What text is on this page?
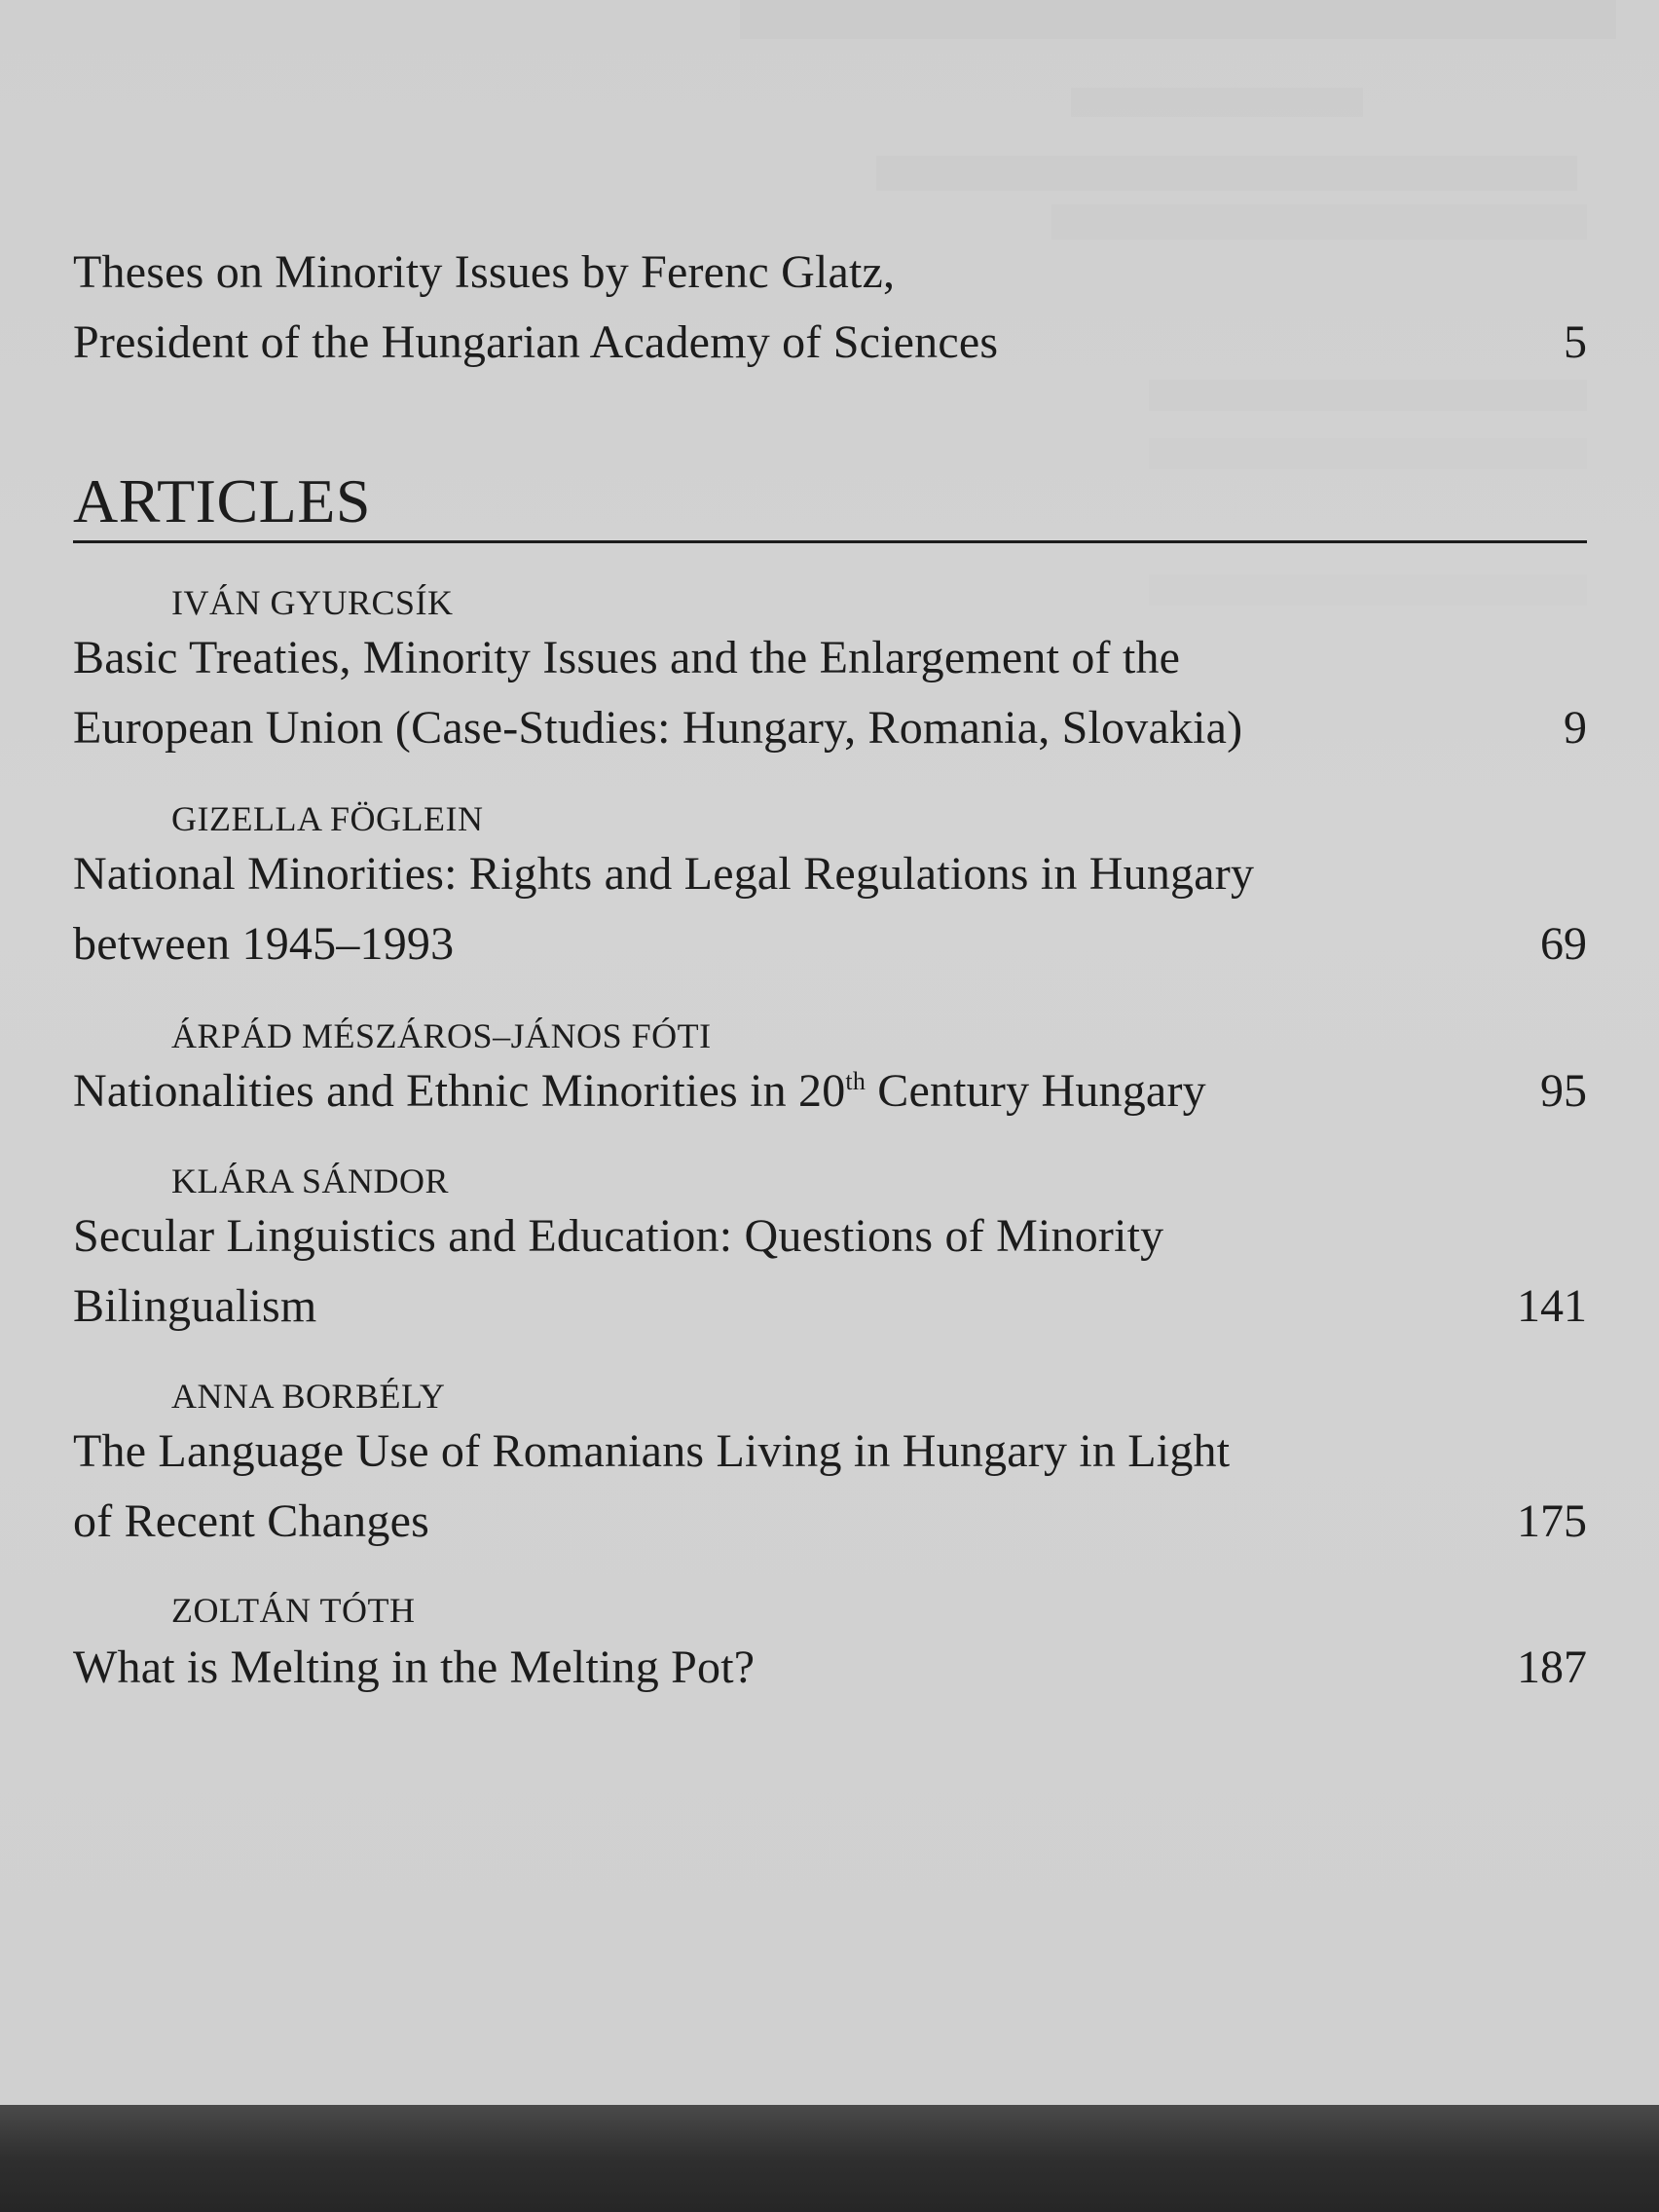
Theses on Minority Issues by Ferenc Glatz,
President of the Hungarian Academy of Sciences	5
ARTICLES
IVÁN GYURCSÍK
Basic Treaties, Minority Issues and the Enlargement of the
European Union (Case-Studies: Hungary, Romania, Slovakia)	9
GIZELLA FÖGLEIN
National Minorities: Rights and Legal Regulations in Hungary
between 1945–1993	69
ÁRPÁD MÉSZÁROS–JÁNOS FÓTI
Nationalities and Ethnic Minorities in 20th Century Hungary	95
KLÁRA SÁNDOR
Secular Linguistics and Education: Questions of Minority
Bilingualism	141
ANNA BORBÉLY
The Language Use of Romanians Living in Hungary in Light
of Recent Changes	175
ZOLTÁN TÓTH
What is Melting in the Melting Pot?	187
